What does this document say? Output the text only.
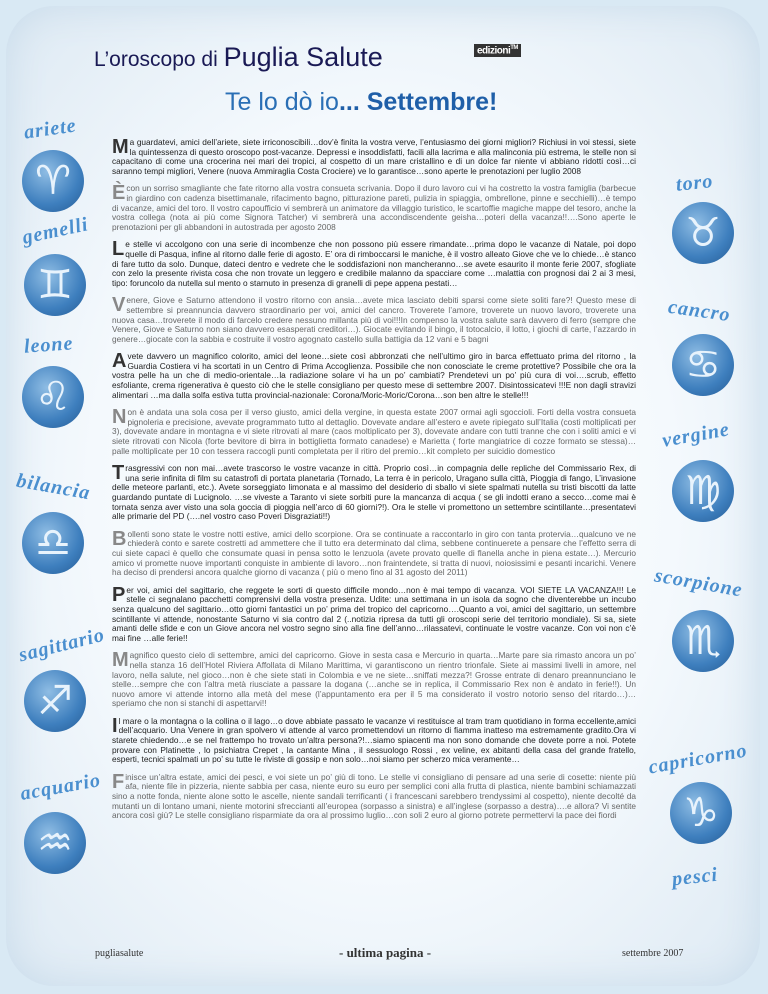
L’oroscopo di Puglia Salute	edizioni™
Te lo dò io... Settembre!
ariete
♈
gemelli
♊
leone
♌
bilancia
♎
sagittario
♐
acquario
♒
toro
♉
cancro
♋
vergine
♍
scorpione
♏
capricorno
♑
pesci

Ma guardatevi, amici dell’ariete, siete irriconoscibili…dov’è finita la vostra verve, l’entusiasmo dei giorni migliori? Richiusi in voi stessi, siete la quintessenza di questo oroscopo post-vacanze. Depressi e insoddisfatti, facili alla lacrima e alla malinconia più estrema, le stelle non si capacitano di come una crocerina nei mari dei tropici, al cospetto di un mare cristallino e di un dolce far niente vi abbiano ridotti così…ci saranno tempi migliori, Venere (nuova Ammiraglia Costa Crociere) ve lo garantisce…sono aperte le prenotazioni per luglio 2008

È con un sorriso smagliante che fate ritorno alla vostra consueta scrivania. Dopo il duro lavoro cui vi ha costretto la vostra famiglia (barbecue in giardino con cadenza bisettimanale, rifacimento bagno, pitturazione pareti, pulizia in spiaggia, ombrellone, pinne e secchielli)…è tempo di vacanze, amici del toro. Il vostro capoufficio vi sembrerà un animatore da villaggio turistico, le scartoffie magiche mappe del tesoro, anche la vostra collega (nota ai più come Signora Tatcher) vi sembrerà una accondiscendente geisha…poteri della vacanza!!….Sono aperte le prenotazioni per gli abbandoni in autostrada per agosto 2008

Le stelle vi accolgono con una serie di incombenze che non possono più essere rimandate…prima dopo le vacanze di Natale, poi dopo quelle di Pasqua, infine al ritorno dalle ferie di agosto. E’ ora di rimboccarsi le maniche, è il vostro alleato Giove che ve lo chiede…è stanco di fare tutto da solo. Dunque, dateci dentro e vedrete che le soddisfazioni non mancheranno…se avete esaurito il monte ferie 2007, sfogliate con zelo la presente rivista cosa che non trovate un leggero e credibile malanno da spacciare come …malattia con prognosi dai 2 ai 3 mesi, tipo: foruncolo da nutella sul mento o starnuto in presenza di granelli di pepe appena pestati…

Venere, Giove e Saturno attendono il vostro ritorno con ansia…avete mica lasciato debiti sparsi come siete soliti fare?! Questo mese di settembre si preannuncia davvero straordinario per voi, amici del cancro. Troverete l’amore, troverete un nuovo lavoro, troverete una nuova casa…troverete il modo di farcelo credere nessuno millanta più di voi!!!In compenso la vostra salute sarà davvero di ferro (sempre che Venere, Giove e Saturno non siano davvero esasperati creditori…). Giocate evitando il bingo, il totocalcio, il lotto, i giochi di carte, l’azzardo in genere…giocate con la sabbia e costruite il vostro agognato castello sulla battigia da 12 vani e 5 bagni

Avete davvero un magnifico colorito, amici del leone…siete così abbronzati che nell’ultimo giro in barca effettuato prima del ritorno , la Guardia Costiera vi ha scortati in un Centro di Prima Accoglienza. Possibile che non conosciate le creme protettive? Possibile che ora la vostra pelle ha un che di medio-orientale…la radiazione solare vi ha un po’ cambiati? Prendetevi un po’ più cura di voi….scrub, effetto esfoliante, crema rigenerativa è questo ciò che le stelle consigliano per questo mese di settembre 2007. Disintossicatevi !!!E non dagli stravizi alimentari …ma dalla solfa estiva tutta provincial-nazionale: Corona/Moric-Moric/Corona…son ben altre le stelle!!!

Non è andata una sola cosa per il verso giusto, amici della vergine, in questa estate 2007 ormai agli sgoccioli. Forti della vostra consueta pignoleria e precisione, avevate programmato tutto al dettaglio. Dovevate andare all’estero e avete ripiegato sull’Italia (costi moltiplicati per 3), dovevate andare in montagna e vi siete ritrovati al mare (caos moltiplicato per 3), dovevate andare con tutti tranne che con i soliti amici e vi siete ritrovati con Nicola (forte bevitore di birra in bottiglietta formato canadese) e Marietta ( forte mangiatrice di cozze formato se stessa)…palle moltiplicate per 10 con tessera raccogli punti completata per il ritiro del premio…kit completo per suicidio domestico

Trasgressivi con non mai…avete trascorso le vostre vacanze in città. Proprio così…in compagnia delle repliche del Commissario Rex, di una serie infinita di film su catastrofi di portata planetaria (Tornado, La terra è in pericolo, Uragano sulla città, Pioggia di fango, L’invasione delle meteore parlanti, etc.). Avete sorseggiato limonata e al massimo del desiderio di sballo vi siete spalmati nutella su tristi biscotti da latte guardando puntate di Lucignolo. …se viveste a Taranto vi siete sorbiti pure la mancanza di acqua ( se gli indotti erano a secco…come mai è tornata senza aver visto una sola goccia di pioggia nell’arco di 60 giorni?!). Ora le stelle vi promettono un settembre scintillante…presentatevi alle primarie del PD (….nel vostro caso Poveri Disgraziati!!)

Bollenti sono state le vostre notti estive, amici dello scorpione. Ora se continuate a raccontarlo in giro con tanta protervia…qualcuno ve ne chiederà conto e sarete costretti ad ammettere che il tutto era determinato dal clima, sebbene continuerete a pensare che l’effetto serra di cui siete capaci è quello che consumate quasi in pensa sotto le lenzuola (avete provato quelle di flanella anche in piena estate…). Mercurio amico vi promette nuove importanti conquiste in ambiente di lavoro…non fraintendete, si tratta di nuovi, noiosissimi e pesanti incarichi. Venere ha deciso di prendersi ancora qualche giorno di vacanza ( più o meno fino al 31 agosto del 2011)

Per voi, amici del sagittario, che reggete le sorti di questo difficile mondo…non è mai tempo di vacanza. VOI SIETE LA VACANZA!!! Le stelle ci segnalano pacchetti comprensivi della vostra presenza. Udite: una settimana in un isola da sogno che diventerebbe un incubo senza qualcuno del sagittario…otto giorni fantastici un po’ prima del tropico del capricorno….Quanto a voi, amici del sagittario, un settembre scintillante vi attende, nonostante Saturno vi sia contro dal 2 (..notizia ripresa da tutti gli oroscopi serie del territorio mondiale). Si sa, siete amanti delle sfide e con un Giove ancora nel vostro segno sino alla fine dell’anno…rilassatevi, continuate le vostre vacanze. Con voi non c’è mai fine …alle ferie!!

Magnifico questo cielo di settembre, amici del capricorno. Giove in sesta casa e Mercurio in quarta…Marte pare sia rimasto ancora un po’ nella stanza 16 dell’Hotel Riviera Affollata di Milano Marittima, vi garantiscono un rientro trionfale. Siete ai massimi livelli in amore, nel lavoro, nella salute, nel gioco…non è che siete stati in Colombia e ve ne siete…sniffati mezza?! Grosse entrate di denaro preannunciano le stelle…sempre che con l’altra metà riusciate a passare la dogana (…anche se in replica, il Commissario Rex non è andato in ferie!!). Un nuovo amore vi attende intorno alla metà del mese (l’appuntamento era per il 5 ma considerato il vostro notorio senso del ritardo…)…speriamo che non si stanchi di aspettarvi!!

Il mare o la montagna o la collina o il lago…o dove abbiate passato le vacanze vi restituisce al tram tram quotidiano in forma eccellente,amici dell’acquario. Una Venere in gran spolvero vi attende al varco promettendovi un ritorno di fiamma inatteso ma estremamente gradito.Ora vi starete chiedendo…e se nel frattempo ho trovato un’altra persona?!…siamo spiacenti ma non sono domande che dovete porre a noi. Potete provare con Platinette , lo psichiatra Crepet , la cantante Mina , il sessuologo Rossi , ex veline, ex abitanti della casa del grande fratello, esperti, tecnici spalmati un po’ su tutte le riviste di gossip e non solo…noi siamo per scherzo mica veramente…

Finisce un’altra estate, amici dei pesci, e voi siete un po’ giù di tono. Le stelle vi consigliano di pensare ad una serie di cosette: niente più afa, niente file in pizzeria, niente sabbia per casa, niente euro su euro per semplici coni alla frutta di plastica, niente bambini schiamazzati sino a notte fonda, niente alone sotto le ascelle, niente sandali terrificanti ( i francescani sarebbero trendyssimi al cospetto), niente decolté da mutanti un di lontano umani, niente motorini sfreccianti all’europea (sorpasso a sinistra) e all’inglese (sorpasso a destra)….e allora? Vi sentite ancora così giù? Le stelle consigliano risparmiate da ora al prossimo luglio…con soli 2 euro al giorno potrete permettervi la pace dei fiordi

pugliasalute	- ultima pagina -	settembre 2007
